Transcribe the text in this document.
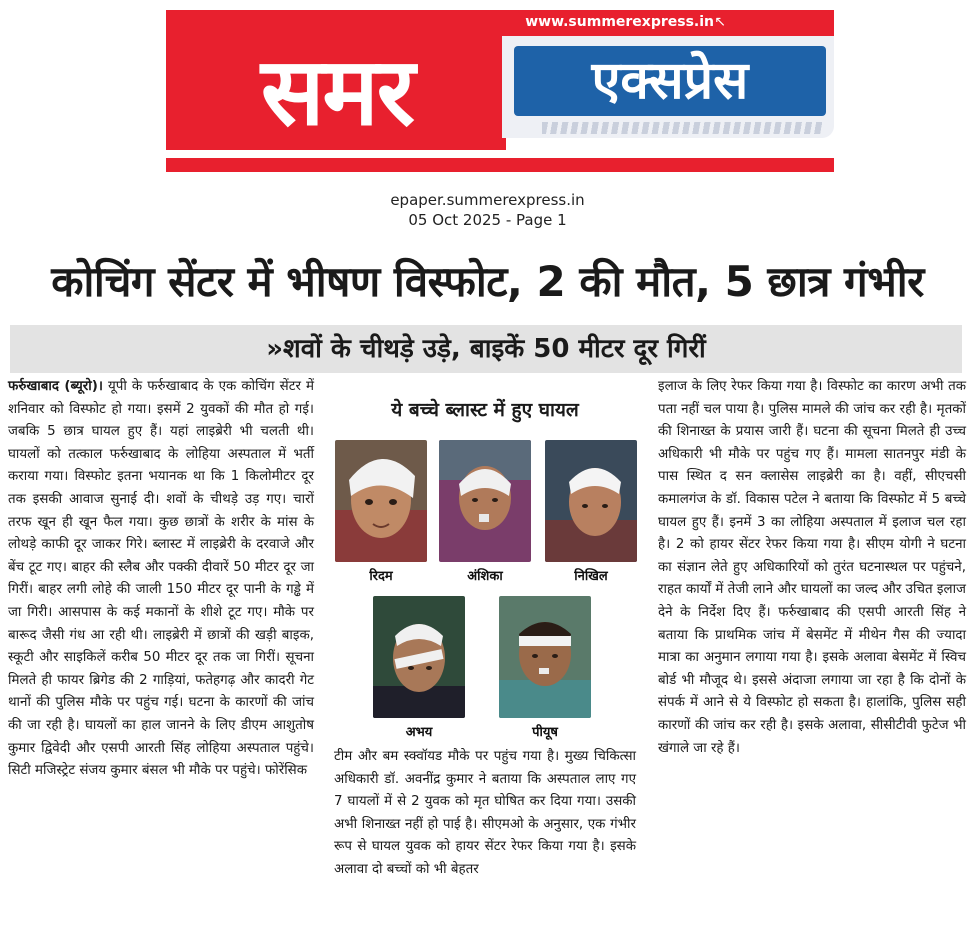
www.summerexpress.in ↖
समर	एक्सप्रेस
epaper.summerexpress.in
05 Oct 2025 - Page 1
कोचिंग सेंटर में भीषण विस्फोट, 2 की मौत, 5 छात्र गंभीर
»शवों के चीथड़े उड़े, बाइकें 50 मीटर दूर गिरीं
फर्रुखाबाद (ब्यूरो)। यूपी के फर्रुखाबाद के एक कोचिंग सेंटर में शनिवार को विस्फोट हो गया। इसमें 2 युवकों की मौत हो गई। जबकि 5 छात्र घायल हुए हैं। यहां लाइब्रेरी भी चलती थी। घायलों को तत्काल फर्रुखाबाद के लोहिया अस्पताल में भर्ती कराया गया। विस्फोट इतना भयानक था कि 1 किलोमीटर दूर तक इसकी आवाज सुनाई दी। शवों के चीथड़े उड़ गए। चारों तरफ खून ही खून फैल गया। कुछ छात्रों के शरीर के मांस के लोथड़े काफी दूर जाकर गिरे। ब्लास्ट में लाइब्रेरी के दरवाजे और बेंच टूट गए। बाहर की स्लैब और पक्की दीवारें 50 मीटर दूर जा गिरीं। बाहर लगी लोहे की जाली 150 मीटर दूर पानी के गड्ढे में जा गिरी। आसपास के कई मकानों के शीशे टूट गए। मौके पर बारूद जैसी गंध आ रही थी। लाइब्रेरी में छात्रों की खड़ी बाइक, स्कूटी और साइकिलें करीब 50 मीटर दूर तक जा गिरीं। सूचना मिलते ही फायर ब्रिगेड की 2 गाड़ियां, फतेहगढ़ और कादरी गेट थानों की पुलिस मौके पर पहुंच गई। घटना के कारणों की जांच की जा रही है। घायलों का हाल जानने के लिए डीएम आशुतोष कुमार द्विवेदी और एसपी आरती सिंह लोहिया अस्पताल पहुंचे। सिटी मजिस्ट्रेट संजय कुमार बंसल भी मौके पर पहुंचे। फोरेंसिक
ये बच्चे ब्लास्ट में हुए घायल
रिदम	अंशिका	निखिल
अभय	पीयूष
टीम और बम स्क्वॉयड मौके पर पहुंच गया है। मुख्य चिकित्सा अधिकारी डॉ. अवनींद्र कुमार ने बताया कि अस्पताल लाए गए 7 घायलों में से 2 युवक को मृत घोषित कर दिया गया। उसकी अभी शिनाख्त नहीं हो पाई है। सीएमओ के अनुसार, एक गंभीर रूप से घायल युवक को हायर सेंटर रेफर किया गया है। इसके अलावा दो बच्चों को भी बेहतर
इलाज के लिए रेफर किया गया है। विस्फोट का कारण अभी तक पता नहीं चल पाया है। पुलिस मामले की जांच कर रही है। मृतकों की शिनाख्त के प्रयास जारी हैं। घटना की सूचना मिलते ही उच्च अधिकारी भी मौके पर पहुंच गए हैं। मामला सातनपुर मंडी के पास स्थित द सन क्लासेस लाइब्रेरी का है। वहीं, सीएचसी कमालगंज के डॉ. विकास पटेल ने बताया कि विस्फोट में 5 बच्चे घायल हुए हैं। इनमें 3 का लोहिया अस्पताल में इलाज चल रहा है। 2 को हायर सेंटर रेफर किया गया है। सीएम योगी ने घटना का संज्ञान लेते हुए अधिकारियों को तुरंत घटनास्थल पर पहुंचने, राहत कार्यों में तेजी लाने और घायलों का जल्द और उचित इलाज देने के निर्देश दिए हैं। फर्रुखाबाद की एसपी आरती सिंह ने बताया कि प्राथमिक जांच में बेसमेंट में मीथेन गैस की ज्यादा मात्रा का अनुमान लगाया गया है। इसके अलावा बेसमेंट में स्विच बोर्ड भी मौजूद थे। इससे अंदाजा लगाया जा रहा है कि दोनों के संपर्क में आने से ये विस्फोट हो सकता है। हालांकि, पुलिस सही कारणों की जांच कर रही है। इसके अलावा, सीसीटीवी फुटेज भी खंगाले जा रहे हैं।
